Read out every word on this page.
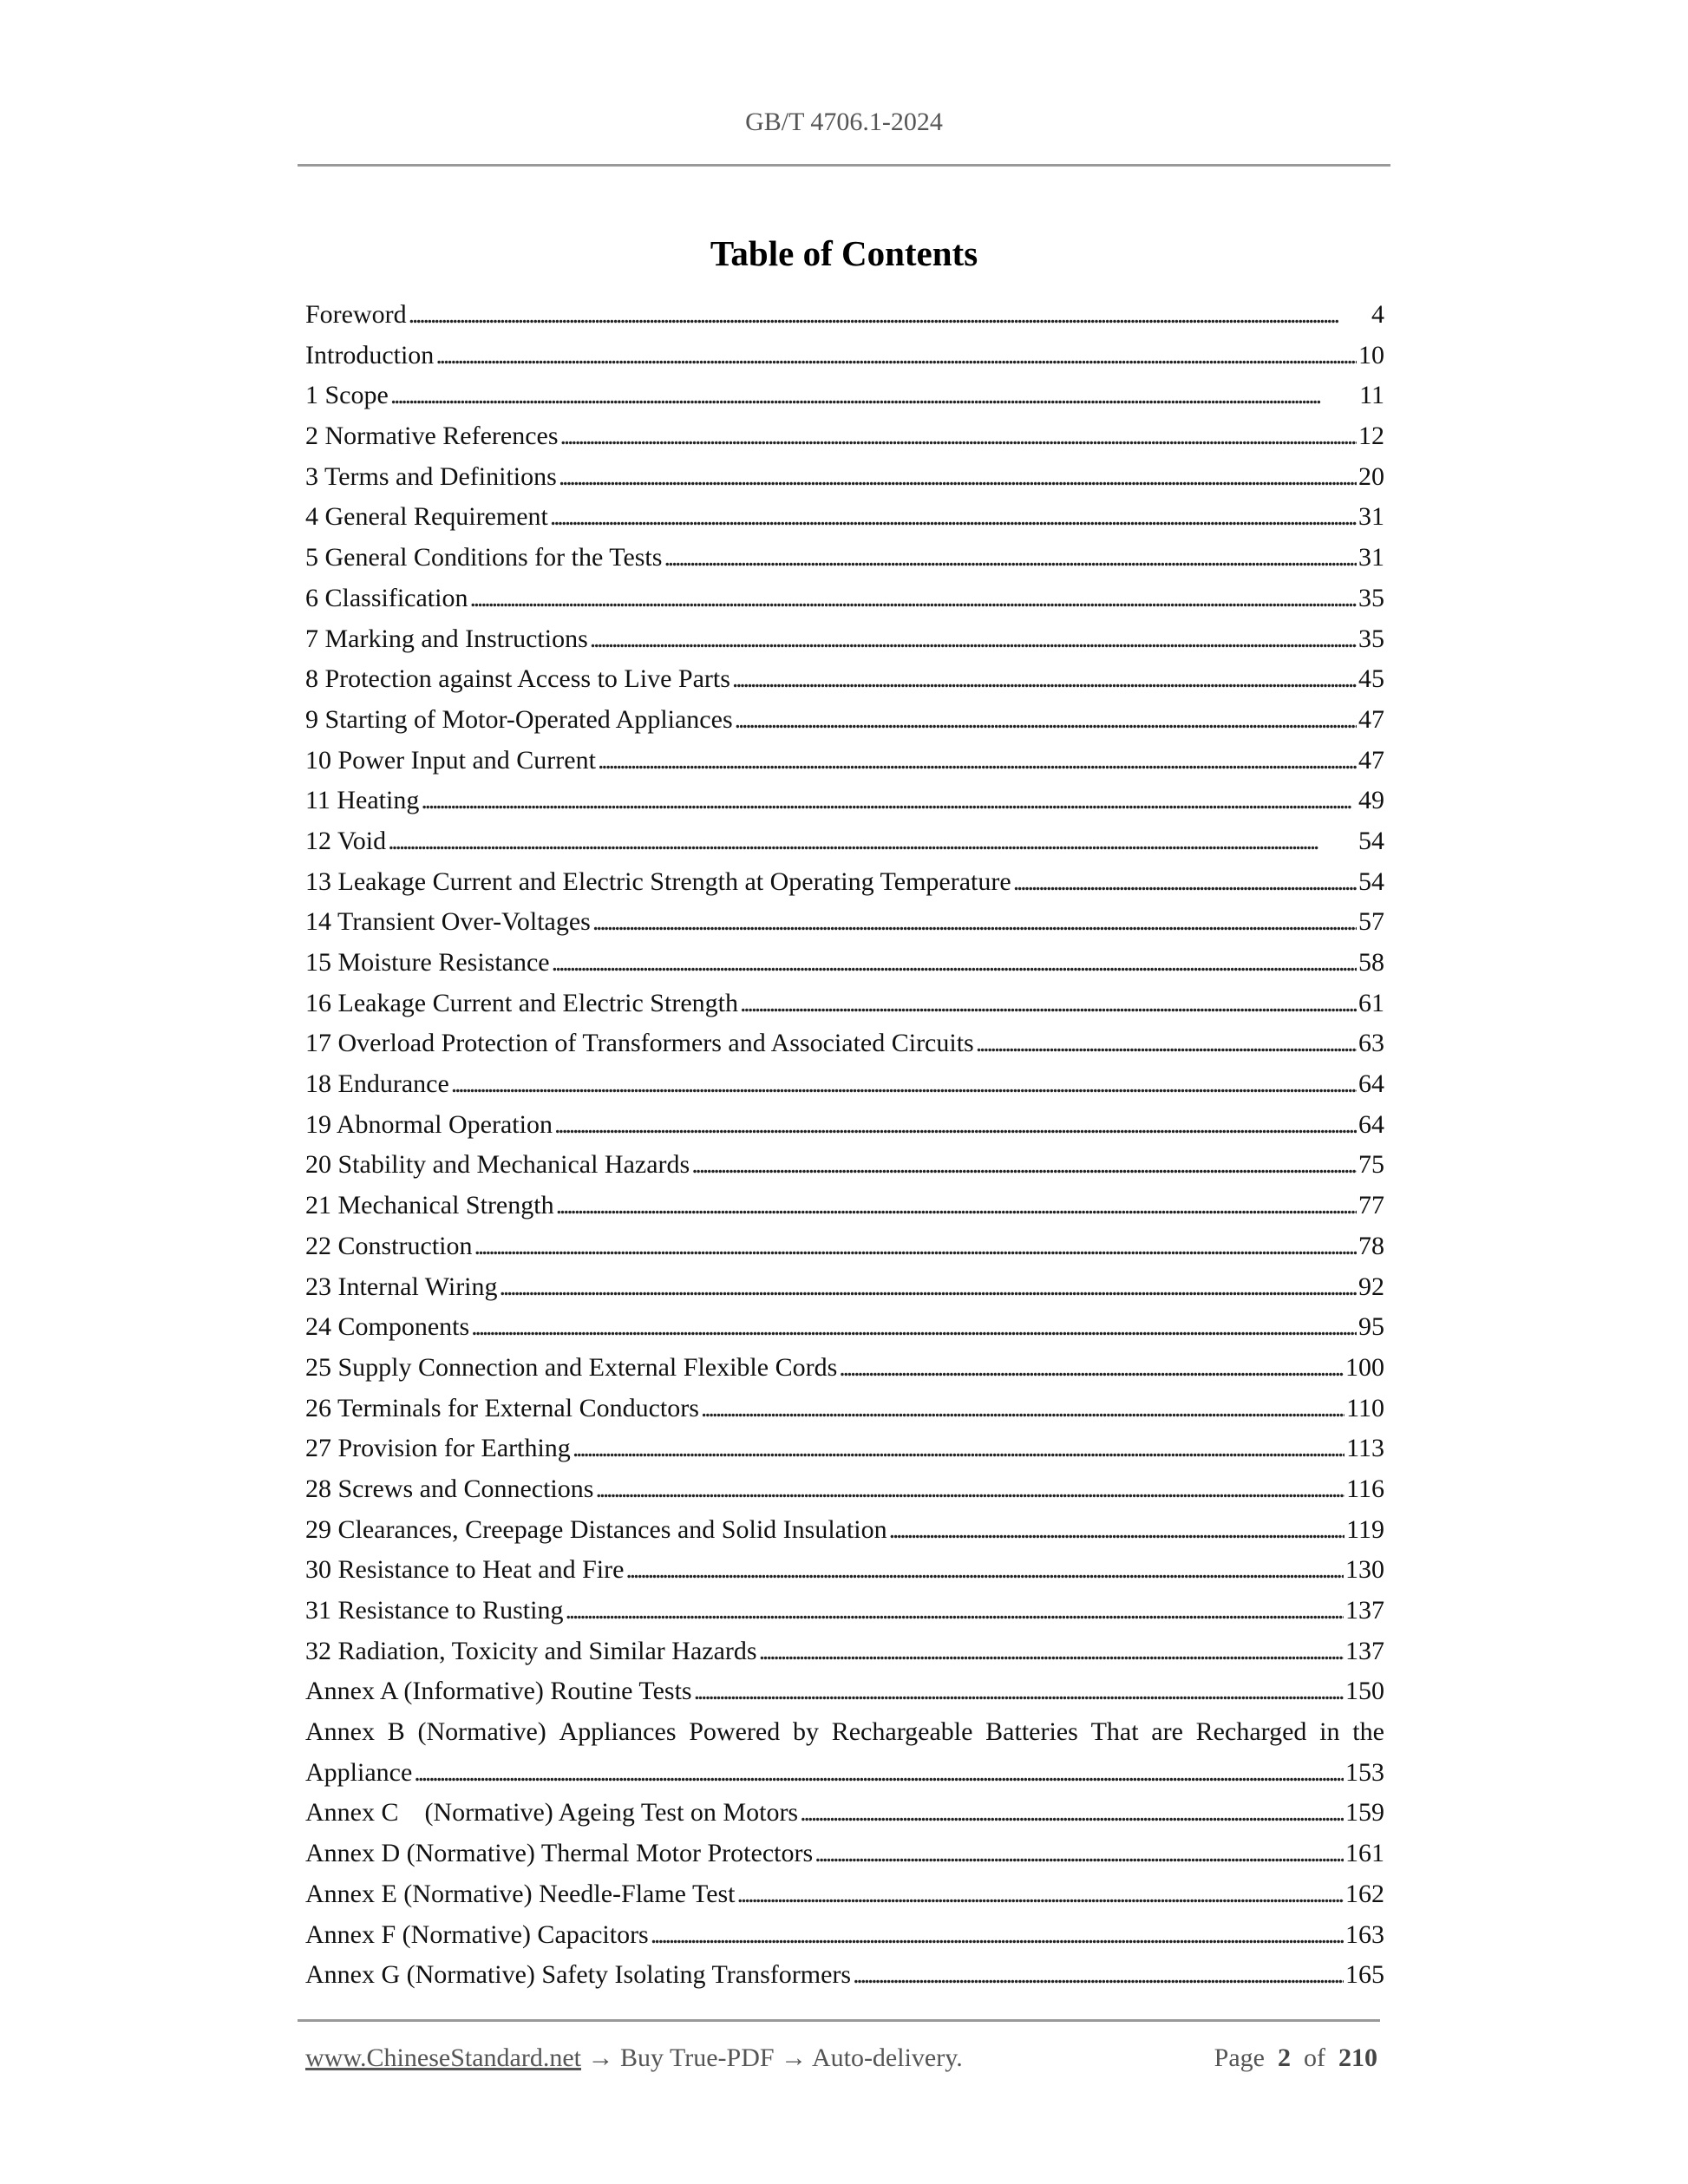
GB/T 4706.1-2024
Table of Contents
Foreword . . .	4
Introduction . . .	10
1 Scope . . .	11
2 Normative References . . .	12
3 Terms and Definitions . . .	20
4 General Requirement . . .	31
5 General Conditions for the Tests . . .	31
6 Classification . . .	35
7 Marking and Instructions . . .	35
8 Protection against Access to Live Parts . . .	45
9 Starting of Motor-Operated Appliances . . .	47
10 Power Input and Current . . .	47
11 Heating . . .	49
12 Void . . .	54
13 Leakage Current and Electric Strength at Operating Temperature . . .	54
14 Transient Over-Voltages . . .	57
15 Moisture Resistance . . .	58
16 Leakage Current and Electric Strength . . .	61
17 Overload Protection of Transformers and Associated Circuits . . .	63
18 Endurance . . .	64
19 Abnormal Operation . . .	64
20 Stability and Mechanical Hazards . . .	75
21 Mechanical Strength . . .	77
22 Construction . . .	78
23 Internal Wiring . . .	92
24 Components . . .	95
25 Supply Connection and External Flexible Cords . . .	100
26 Terminals for External Conductors . . .	110
27 Provision for Earthing . . .	113
28 Screws and Connections . . .	116
29 Clearances, Creepage Distances and Solid Insulation . . .	119
30 Resistance to Heat and Fire . . .	130
31 Resistance to Rusting . . .	137
32 Radiation, Toxicity and Similar Hazards . . .	137
Annex A (Informative) Routine Tests . . .	150
Annex B (Normative) Appliances Powered by Rechargeable Batteries That are Recharged in the
Appliance . . .	153
Annex C    (Normative) Ageing Test on Motors . . .	159
Annex D (Normative) Thermal Motor Protectors . . .	161
Annex E (Normative) Needle-Flame Test . . .	162
Annex F (Normative) Capacitors . . .	163
Annex G (Normative) Safety Isolating Transformers . . .	165
www.ChineseStandard.net → Buy True-PDF → Auto-delivery.	Page 2 of 210
